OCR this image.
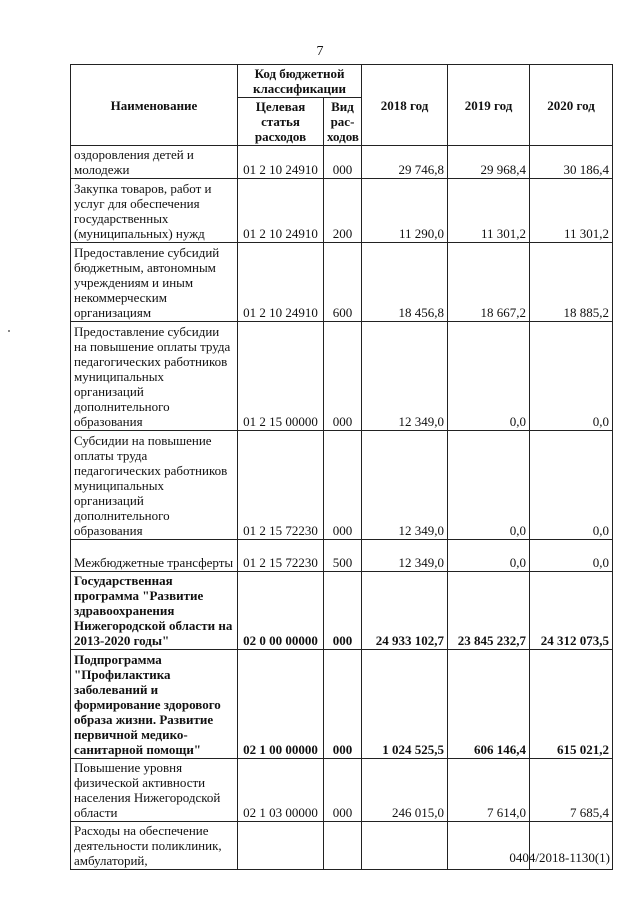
7
Наименование	Код бюджетной классификации		2018 год	2019 год	2020 год
	Целевая статья расходов	Вид рас-ходов			
оздоровления детей и молодежи	01 2 10 24910	000	29 746,8	29 968,4	30 186,4
Закупка товаров, работ и услуг для обеспечения государственных (муниципальных) нужд	01 2 10 24910	200	11 290,0	11 301,2	11 301,2
Предоставление субсидий бюджетным, автономным учреждениям и иным некоммерческим организациям	01 2 10 24910	600	18 456,8	18 667,2	18 885,2
Предоставление субсидии на повышение оплаты труда педагогических работников муниципальных организаций дополнительного образования	01 2 15 00000	000	12 349,0	0,0	0,0
Субсидии на повышение оплаты труда педагогических работников муниципальных организаций дополнительного образования	01 2 15 72230	000	12 349,0	0,0	0,0
Межбюджетные трансферты	01 2 15 72230	500	12 349,0	0,0	0,0
Государственная программа "Развитие здравоохранения Нижегородской области на 2013-2020 годы"	02 0 00 00000	000	24 933 102,7	23 845 232,7	24 312 073,5
Подпрограмма "Профилактика заболеваний и формирование здорового образа жизни. Развитие первичной медико-санитарной помощи"	02 1 00 00000	000	1 024 525,5	606 146,4	615 021,2
Повышение уровня физической активности населения Нижегородской области	02 1 03 00000	000	246 015,0	7 614,0	7 685,4
Расходы на обеспечение деятельности поликлиник, амбулаторий,						0404/2018-1130(1)
